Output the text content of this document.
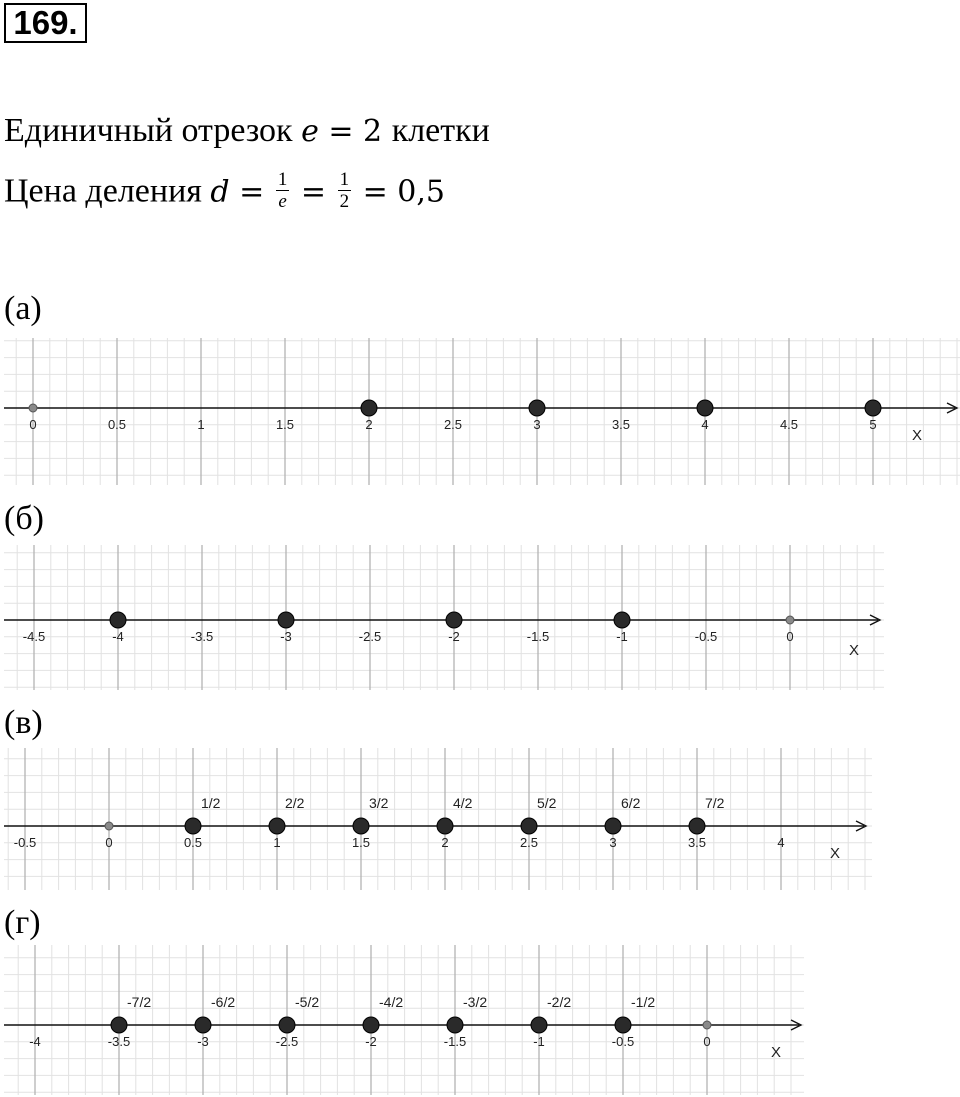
169.
Единичный отрезок e = 2 клетки
Цена деления $d = \frac{1}{e} = \frac{1}{2} = 0,5$
(а)
0	0.5	1	1.5	2	2.5	3	3.5	4	4.5	5
X
(б)
-4.5	-4	-3.5	-3	-2.5	-2	-1.5	-1	-0.5	0
X
(в)
-0.5	0	0.5	1	1.5	2	2.5	3	3.5	4
X
1/2	2/2	3/2	4/2	5/2	6/2	7/2
(г)
-4	-3.5	-3	-2.5	-2	-1.5	-1	-0.5	0
X
-7/2	-6/2	-5/2	-4/2	-3/2	-2/2	-1/2
